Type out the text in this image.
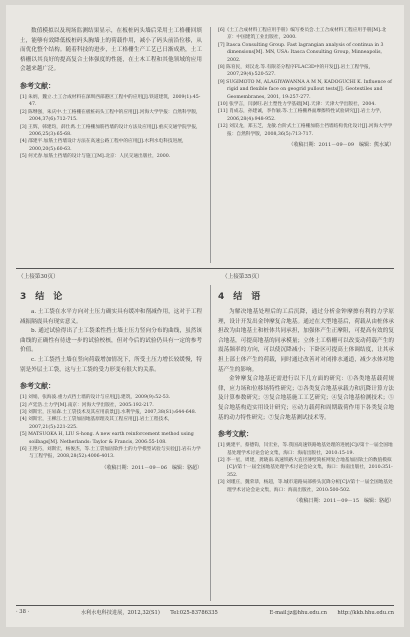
数值模拟以及现场监测结果显示，在板桩码头墙后采用土工格栅回填土，能够有效降低板桩码头胸墙上的荷载作用，减小了码头前沿位移，从而优化整个结构。随着科技的进步，土工格栅生产工艺已日渐成熟，土工格栅以其良好的提高复合土体强度的性能，在土木工程和其他领域的应用会越来越广泛。

参考文献：
[1] 朱炳，魏立.土工合成材料在深圳西部港区工程中的应用[J].铁道建筑，2009(1):45-47.
[2] 陈继强，朱庆中.土工格栅在板桩码头工程中的应用[J].河海大学学报：自然科学版，2004,37(6):712-715.
[3] 王辉，韩建均，薛仕禹.土工格栅加筋挡墙的设计方法及应用[J].重庆交通学院学报，2006,25(3):65-68.
[4] 邵建平.加筋土挡墙设计方法在高速公路工程中的应用[J].水利水电科技进展，2000,20(5):60-63.
[5] 何光春.加筋土挡墙的设计与施工[M].北京：人民交通出版社，2000.
[6]《土工合成材料工程应用手册》编写委员会.土工合成材料工程应用手册[M].北京：中国建筑工业出版社，2000.
[7] Itasca Consulting Group. Fast lagrangian analysis of continua in 3 dimensions[M]. MN, USA: Itasca Consulting Group, Minneapolis, 2002.
[8] 陈育民，刘汉龙.等.有限差分程序FLAC3D中的开发[J].岩土工程学报，2007,29(4):520-527.
[9] SUGIMOTO M, ALAGIYAWANNA A M N, KADOGUCHI K. Influence of rigid and flexible face on geogrid pullout tests[J]. Geotextiles and Geomembranes, 2001, 19:257-277.
[10] 张学言，闫澍旺.岩土塑性力学基础[M].天津：天津大学出版社，2004.
[11] 肖成志，孙建诚，李作颖.等.土工格栅界面摩擦特性试验研究[J].岩土力学，2006,28(4):948-952.
[12] 刘汉龙，郑玉芝，龙敏.台阶式土工格栅加筋土挡墙结构优化设计[J].河海大学学报：自然科学版，2008,36(5):713-717.
（收稿日期：2011－09－09　编辑：熊水斌）
（上接第30页）	（上接第35页）
3　结　论

a. 土工袋在水平方向对土压力确实具有缓冲和削减作用，这对于工程减振隔震具有现实意义。

b. 通过试验得出了土工袋柔性挡土墙土压力竖向分布的曲线，虽然该曲线的正确性有待进一步的试验校核，但对今后的试验仍具有一定的参考价值。

c. 土工袋挡土墙在竖向荷载增加情况下，所受土压力增长较缓慢，特别是外层土工袋，这与土工袋的受力形变有很大的关系。

参考文献：
[1] 刘娟，张海波.重力式挡土墙的设计与应用[J].建筑，2009(9):52-53.
[2] 卢廷浩.土力学[M].南京：河海大学出版社，2005:192-217.
[3] 刘斯宏，汪易森.土工袋技术及其应用前景[J].水利学报，2007,38(S1):644-648.
[4] 刘斯宏，王柳江.土工袋加固地基原理及其工程应用[J].岩土工程技术，2007,21(5):221-225.
[5] MATSUOKA H, LIU S-hong. A new earth reinforcement method using soilbags[M]. Netherlands: Taylor & Francis, 2006:55-108.
[6] 王艳巧，刘斯宏，杨俊杰，等.土工袋加固软件土的力学模型试验与实验[J].岩石力学与工程学报，2008,28(52):4006-4013.
（收稿日期：2011－09－06　编辑：骆超）
4　结　语

为解决地基处理后的工后沉降，通过分析金钟摩擦有利的力学原理，设计开发出金钟摩复合地基。通过在大型地基后，荷载从由桩体承担改为由地基土和桩体共同承担，加强体产生正摩阻，可提高有效的复合地基，可提高地基的同承模量；立体土工格栅可以改变动荷载产生的震荡频率的方向，可以使沉降减小；下卧区可提高土体调结度，让其承担上部土体产生的荷载，同时通过改善对对闭排水通道，减少水体对地基产生的影响。

金钟摩复合地基还需进行以下几方面的研究：①各类地基载荷规律，应力场和位移场特性研究；②各类复合地基承载力和沉降计算方法及计算参数研究；③复合地基施工工艺研究；④复合地基检测技术；⑤复合地基构造实用设计研究；⑥动力载荷和周期载荷作用下各类复合地基的动力特性研究；⑦复合地基测试技术等。

参考文献：
[1] 姚建平，蔡德钩，闫宏业，等.我国高速铁路地基处理的进展[C]//第十一届全国地基处理学术讨论会论文集，海口：海南出版社，2010:15-19.
[2] 李一星，周建，龚晓南.高速铁路大直径薄壁筒桩网复合地基加固软土的数值模拟[C]//第十一届全国地基处理学术讨论会论文集，海口：海南出版社，2010:351-352.
[3] 刘瑾庄，魏荣恭，杨超，等.城市道路局部桥头沉降分析[C]//第十一届全国地基处理学术讨论会论文集，海口：海南出版社，2010:500-502.
（收稿日期：2011－09－15　编辑：骆超）
· 38 ·	水利水电科技进展，2012,32(S1)　　Tel:025-83786335	E-mail:jz@hhu.edu.cn　　http://kkb.hhu.edu.cn
